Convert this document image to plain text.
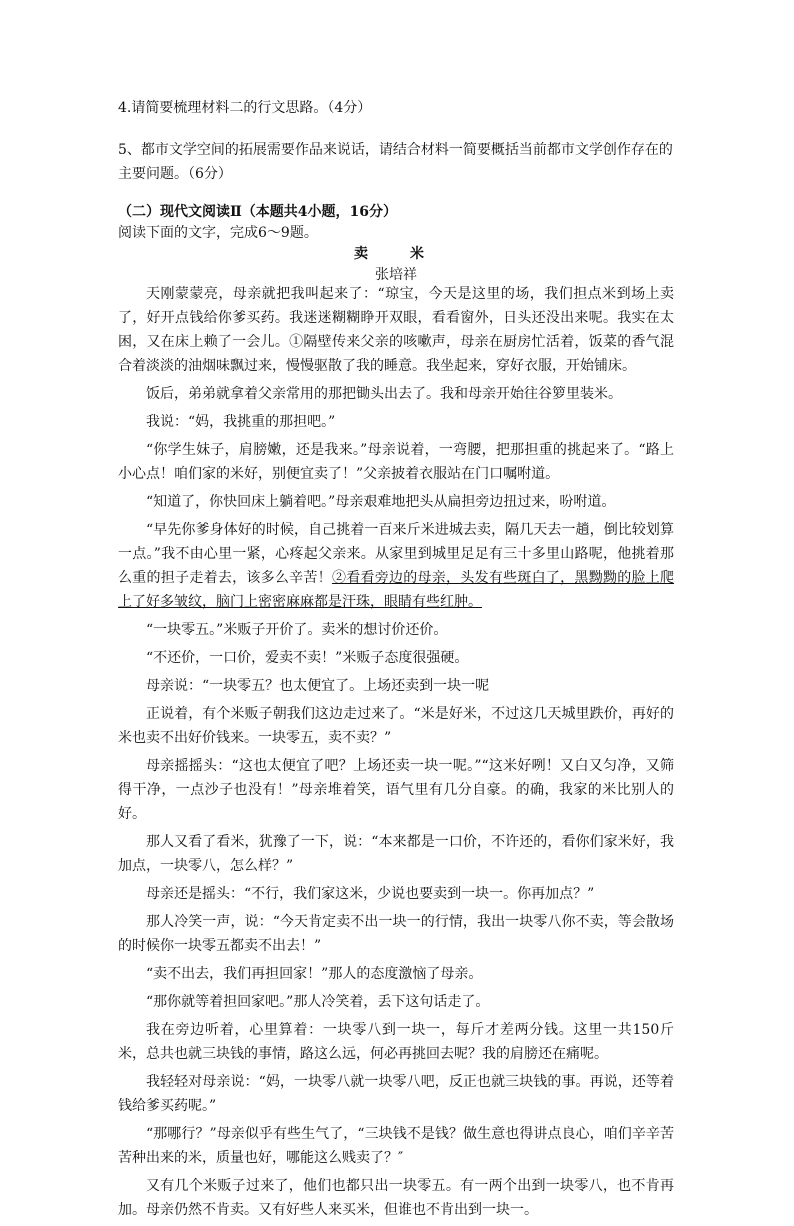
4.请简要梳理材料二的行文思路。（4分）
5、都市文学空间的拓展需要作品来说话，请结合材料一简要概括当前都市文学创作存在的主要问题。（6分）
（二）现代文阅读Ⅱ（本题共4小题，16分）
阅读下面的文字，完成6～9题。
卖　米
张培祥

天刚蒙蒙亮，母亲就把我叫起来了：“琼宝，今天是这里的场，我们担点米到场上卖了，好开点钱给你爹买药。我迷迷糊糊睁开双眼，看看窗外，日头还没出来呢。我实在太困，又在床上赖了一会儿。①隔壁传来父亲的咳嗽声，母亲在厨房忙活着，饭菜的香气混合着淡淡的油烟味飘过来，慢慢驱散了我的睡意。我坐起来，穿好衣服，开始铺床。

饭后，弟弟就拿着父亲常用的那把锄头出去了。我和母亲开始往谷箩里装米。

我说：“妈，我挑重的那担吧。”

“你学生妹子，肩膀嫩，还是我来。”母亲说着，一弯腰，把那担重的挑起来了。“路上小心点！咱们家的米好，别便宜卖了！”父亲披着衣服站在门口嘱咐道。

“知道了，你快回床上躺着吧。”母亲艰难地把头从扁担旁边扭过来，吩咐道。

“早先你爹身体好的时候，自己挑着一百来斤米进城去卖，隔几天去一趟，倒比较划算一点。”我不由心里一紧，心疼起父亲来。从家里到城里足足有三十多里山路呢，他挑着那么重的担子走着去，该多么辛苦！②看看旁边的母亲，头发有些斑白了，黑黝黝的脸上爬上了好多皱纹，脑门上密密麻麻都是汗珠，眼睛有些红肿。

“一块零五。”米贩子开价了。卖米的想讨价还价。

“不还价，一口价，爱卖不卖！”米贩子态度很强硬。

母亲说：“一块零五？也太便宜了。上场还卖到一块一呢

正说着，有个米贩子朝我们这边走过来了。“米是好米，不过这几天城里跌价，再好的米也卖不出好价钱来。一块零五，卖不卖？”

母亲摇摇头：“这也太便宜了吧？上场还卖一块一呢。”“这米好咧！又白又匀净，又筛得干净，一点沙子也没有！”母亲堆着笑，语气里有几分自豪。的确，我家的米比别人的好。

那人又看了看米，犹豫了一下，说：“本来都是一口价，不许还的，看你们家米好，我加点，一块零八，怎么样？”

母亲还是摇头：“不行，我们家这米，少说也要卖到一块一。你再加点？”

那人冷笑一声，说：“今天肯定卖不出一块一的行情，我出一块零八你不卖，等会散场的时候你一块零五都卖不出去！”

“卖不出去，我们再担回家！”那人的态度激恼了母亲。

“那你就等着担回家吧。”那人冷笑着，丢下这句话走了。

我在旁边听着，心里算着：一块零八到一块一，每斤才差两分钱。这里一共150斤米，总共也就三块钱的事情，路这么远，何必再挑回去呢？我的肩膀还在痛呢。

我轻轻对母亲说：“妈，一块零八就一块零八吧，反正也就三块钱的事。再说，还等着钱给爹买药呢。”

“那哪行？”母亲似乎有些生气了，“三块钱不是钱？做生意也得讲点良心，咱们辛辛苦苦种出来的米，质量也好，哪能这么贱卖了？″

又有几个米贩子过来了，他们也都只出一块零五。有一两个出到一块零八，也不肯再加。母亲仍然不肯卖。又有好些人来买米，但谁也不肯出到一块一。
